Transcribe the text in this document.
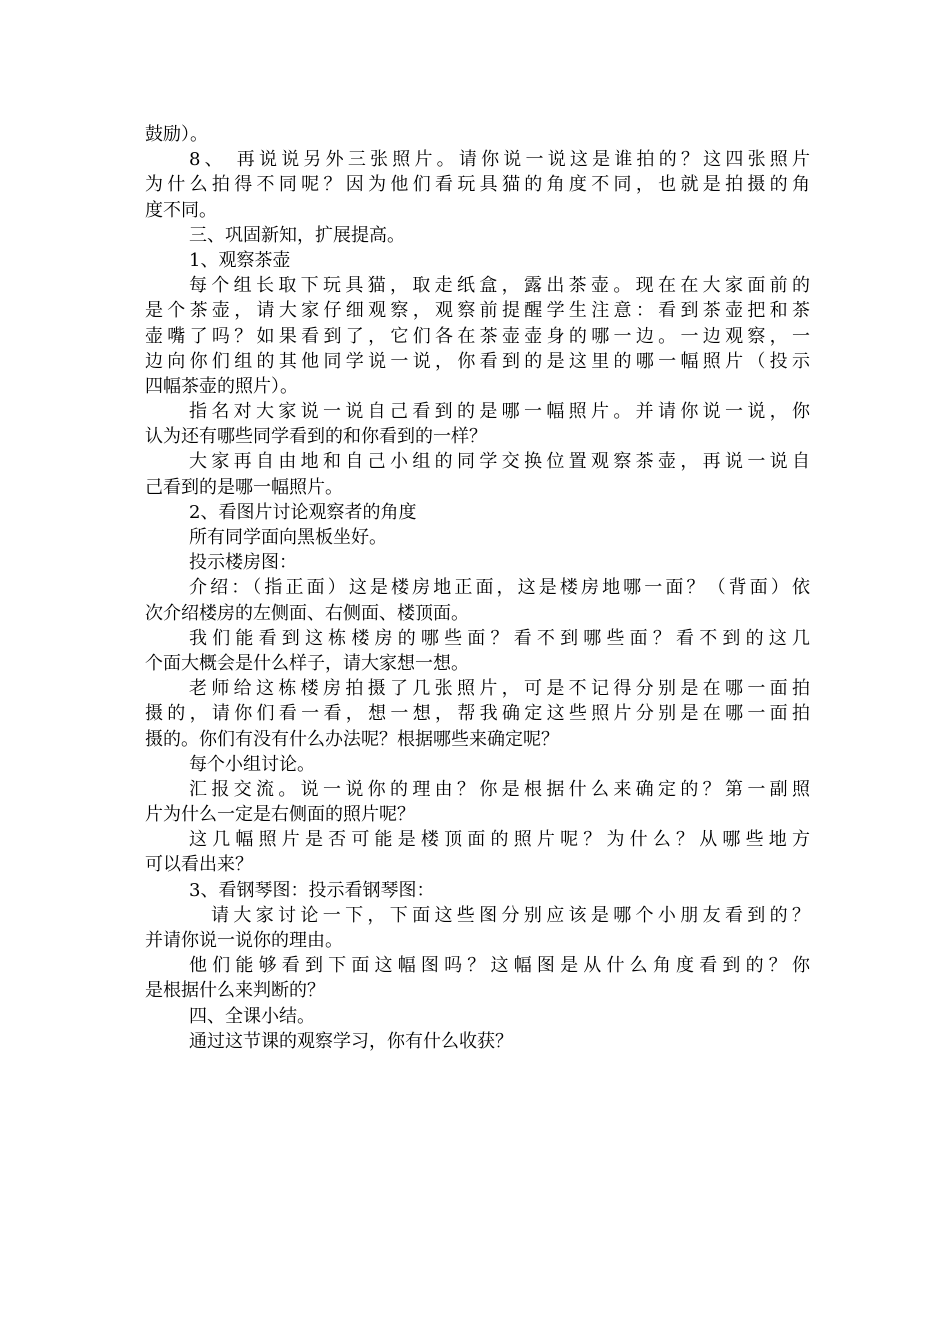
鼓励）。
8、 再说说另外三张照片。请你说一说这是谁拍的？这四张照片
为什么拍得不同呢？因为他们看玩具猫的角度不同，也就是拍摄的角
度不同。
三、巩固新知，扩展提高。
1、观察茶壶
每个组长取下玩具猫，取走纸盒，露出茶壶。现在在大家面前的
是个茶壶，请大家仔细观察，观察前提醒学生注意：看到茶壶把和茶
壶嘴了吗？如果看到了，它们各在茶壶壶身的哪一边。一边观察，一
边向你们组的其他同学说一说，你看到的是这里的哪一幅照片（投示
四幅茶壶的照片）。
指名对大家说一说自己看到的是哪一幅照片。并请你说一说，你
认为还有哪些同学看到的和你看到的一样？
大家再自由地和自己小组的同学交换位置观察茶壶，再说一说自
己看到的是哪一幅照片。
2、看图片讨论观察者的角度
所有同学面向黑板坐好。
投示楼房图：
介绍：（指正面）这是楼房地正面，这是楼房地哪一面？（背面）依
次介绍楼房的左侧面、右侧面、楼顶面。
我们能看到这栋楼房的哪些面？看不到哪些面？看不到的这几
个面大概会是什么样子，请大家想一想。
老师给这栋楼房拍摄了几张照片，可是不记得分别是在哪一面拍
摄的，请你们看一看，想一想，帮我确定这些照片分别是在哪一面拍
摄的。你们有没有什么办法呢？根据哪些来确定呢？
每个小组讨论。
汇报交流。说一说你的理由？你是根据什么来确定的？第一副照
片为什么一定是右侧面的照片呢？
这几幅照片是否可能是楼顶面的照片呢？为什么？从哪些地方
可以看出来？
3、看钢琴图：投示看钢琴图：
请大家讨论一下，下面这些图分别应该是哪个小朋友看到的？
并请你说一说你的理由。
他们能够看到下面这幅图吗？这幅图是从什么角度看到的？你
是根据什么来判断的？
四、全课小结。
通过这节课的观察学习，你有什么收获？
